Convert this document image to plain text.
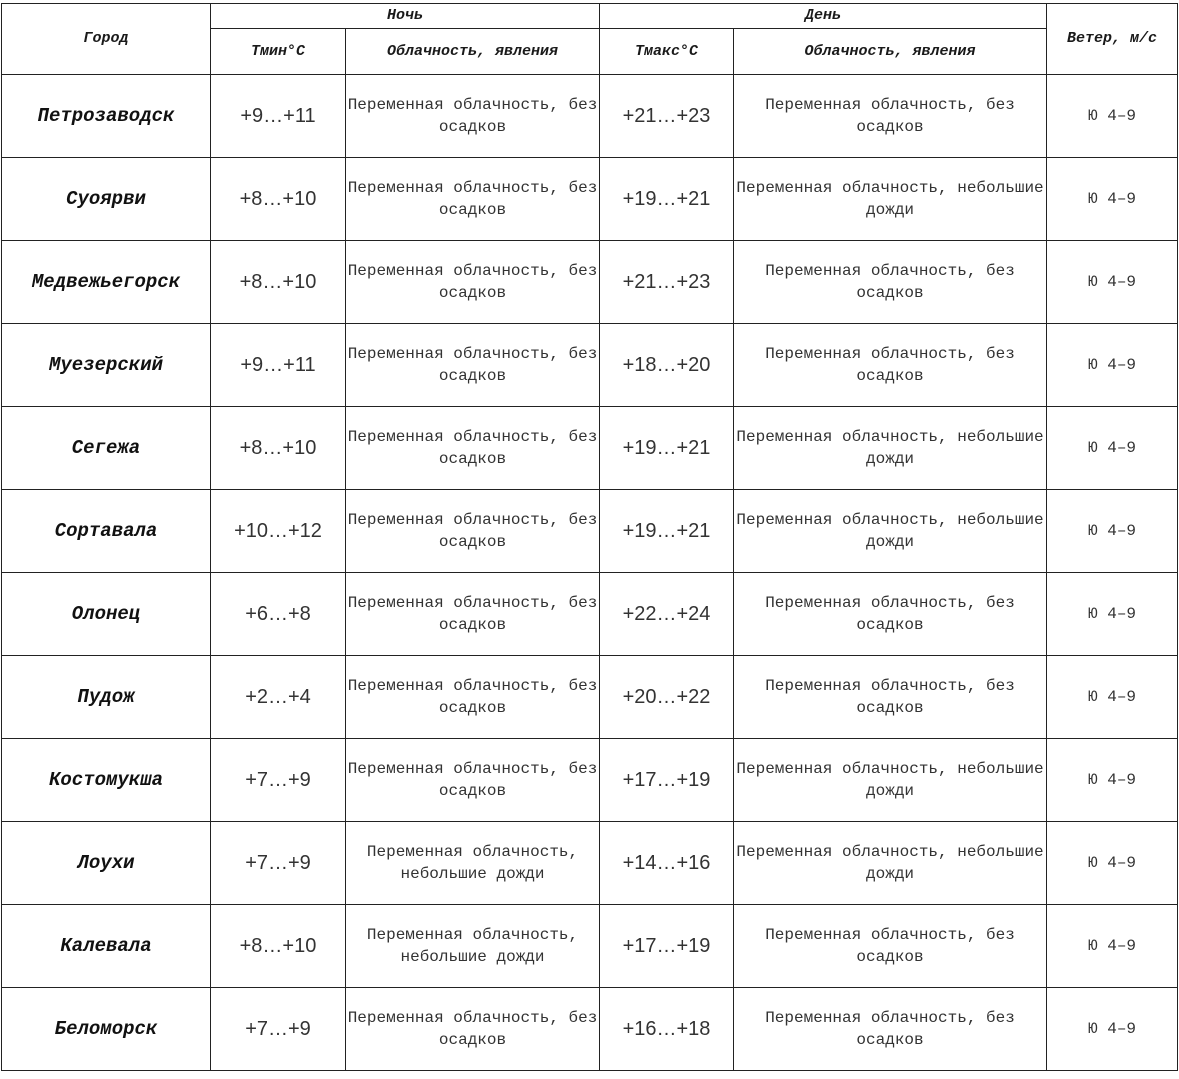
Город	Ночь		День		Ветер, м/с
	Тмин°С	Облачность, явления	Тмакс°С	Облачность, явления	
Петрозаводск	+9…+11	Переменная облачность, без осадков	+21…+23	Переменная облачность, без осадков	Ю 4–9
Суоярви	+8…+10	Переменная облачность, без осадков	+19…+21	Переменная облачность, небольшие дожди	Ю 4–9
Медвежьегорск	+8…+10	Переменная облачность, без осадков	+21…+23	Переменная облачность, без осадков	Ю 4–9
Муезерский	+9…+11	Переменная облачность, без осадков	+18…+20	Переменная облачность, без осадков	Ю 4–9
Сегежа	+8…+10	Переменная облачность, без осадков	+19…+21	Переменная облачность, небольшие дожди	Ю 4–9
Сортавала	+10…+12	Переменная облачность, без осадков	+19…+21	Переменная облачность, небольшие дожди	Ю 4–9
Олонец	+6…+8	Переменная облачность, без осадков	+22…+24	Переменная облачность, без осадков	Ю 4–9
Пудож	+2…+4	Переменная облачность, без осадков	+20…+22	Переменная облачность, без осадков	Ю 4–9
Костомукша	+7…+9	Переменная облачность, без осадков	+17…+19	Переменная облачность, небольшие дожди	Ю 4–9
Лоухи	+7…+9	Переменная облачность, небольшие дожди	+14…+16	Переменная облачность, небольшие дожди	Ю 4–9
Калевала	+8…+10	Переменная облачность, небольшие дожди	+17…+19	Переменная облачность, без осадков	Ю 4–9
Беломорск	+7…+9	Переменная облачность, без осадков	+16…+18	Переменная облачность, без осадков	Ю 4–9
